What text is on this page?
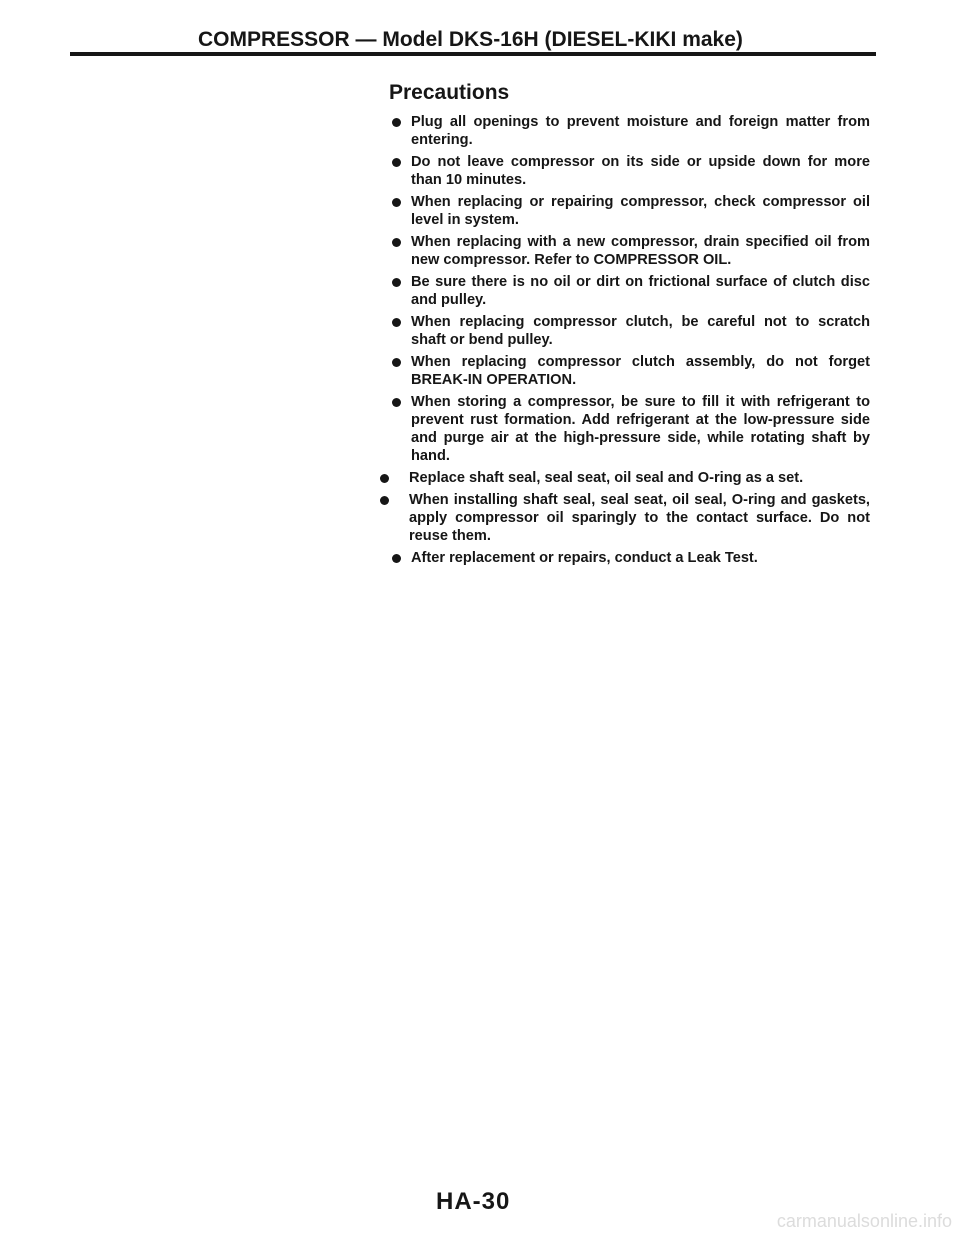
COMPRESSOR — Model DKS-16H (DIESEL-KIKI make)
Precautions
Plug all openings to prevent moisture and foreign matter from entering.
Do not leave compressor on its side or upside down for more than 10 minutes.
When replacing or repairing compressor, check compressor oil level in system.
When replacing with a new compressor, drain specified oil from new compressor. Refer to COMPRESSOR OIL.
Be sure there is no oil or dirt on frictional surface of clutch disc and pulley.
When replacing compressor clutch, be careful not to scratch shaft or bend pulley.
When replacing compressor clutch assembly, do not forget BREAK-IN OPERATION.
When storing a compressor, be sure to fill it with refrigerant to prevent rust formation. Add refrigerant at the low-pressure side and purge air at the high-pressure side, while rotating shaft by hand.
Replace shaft seal, seal seat, oil seal and O-ring as a set.
When installing shaft seal, seal seat, oil seal, O-ring and gaskets, apply compressor oil sparingly to the contact surface. Do not reuse them.
After replacement or repairs, conduct a Leak Test.
HA-30
carmanualsonline.info
